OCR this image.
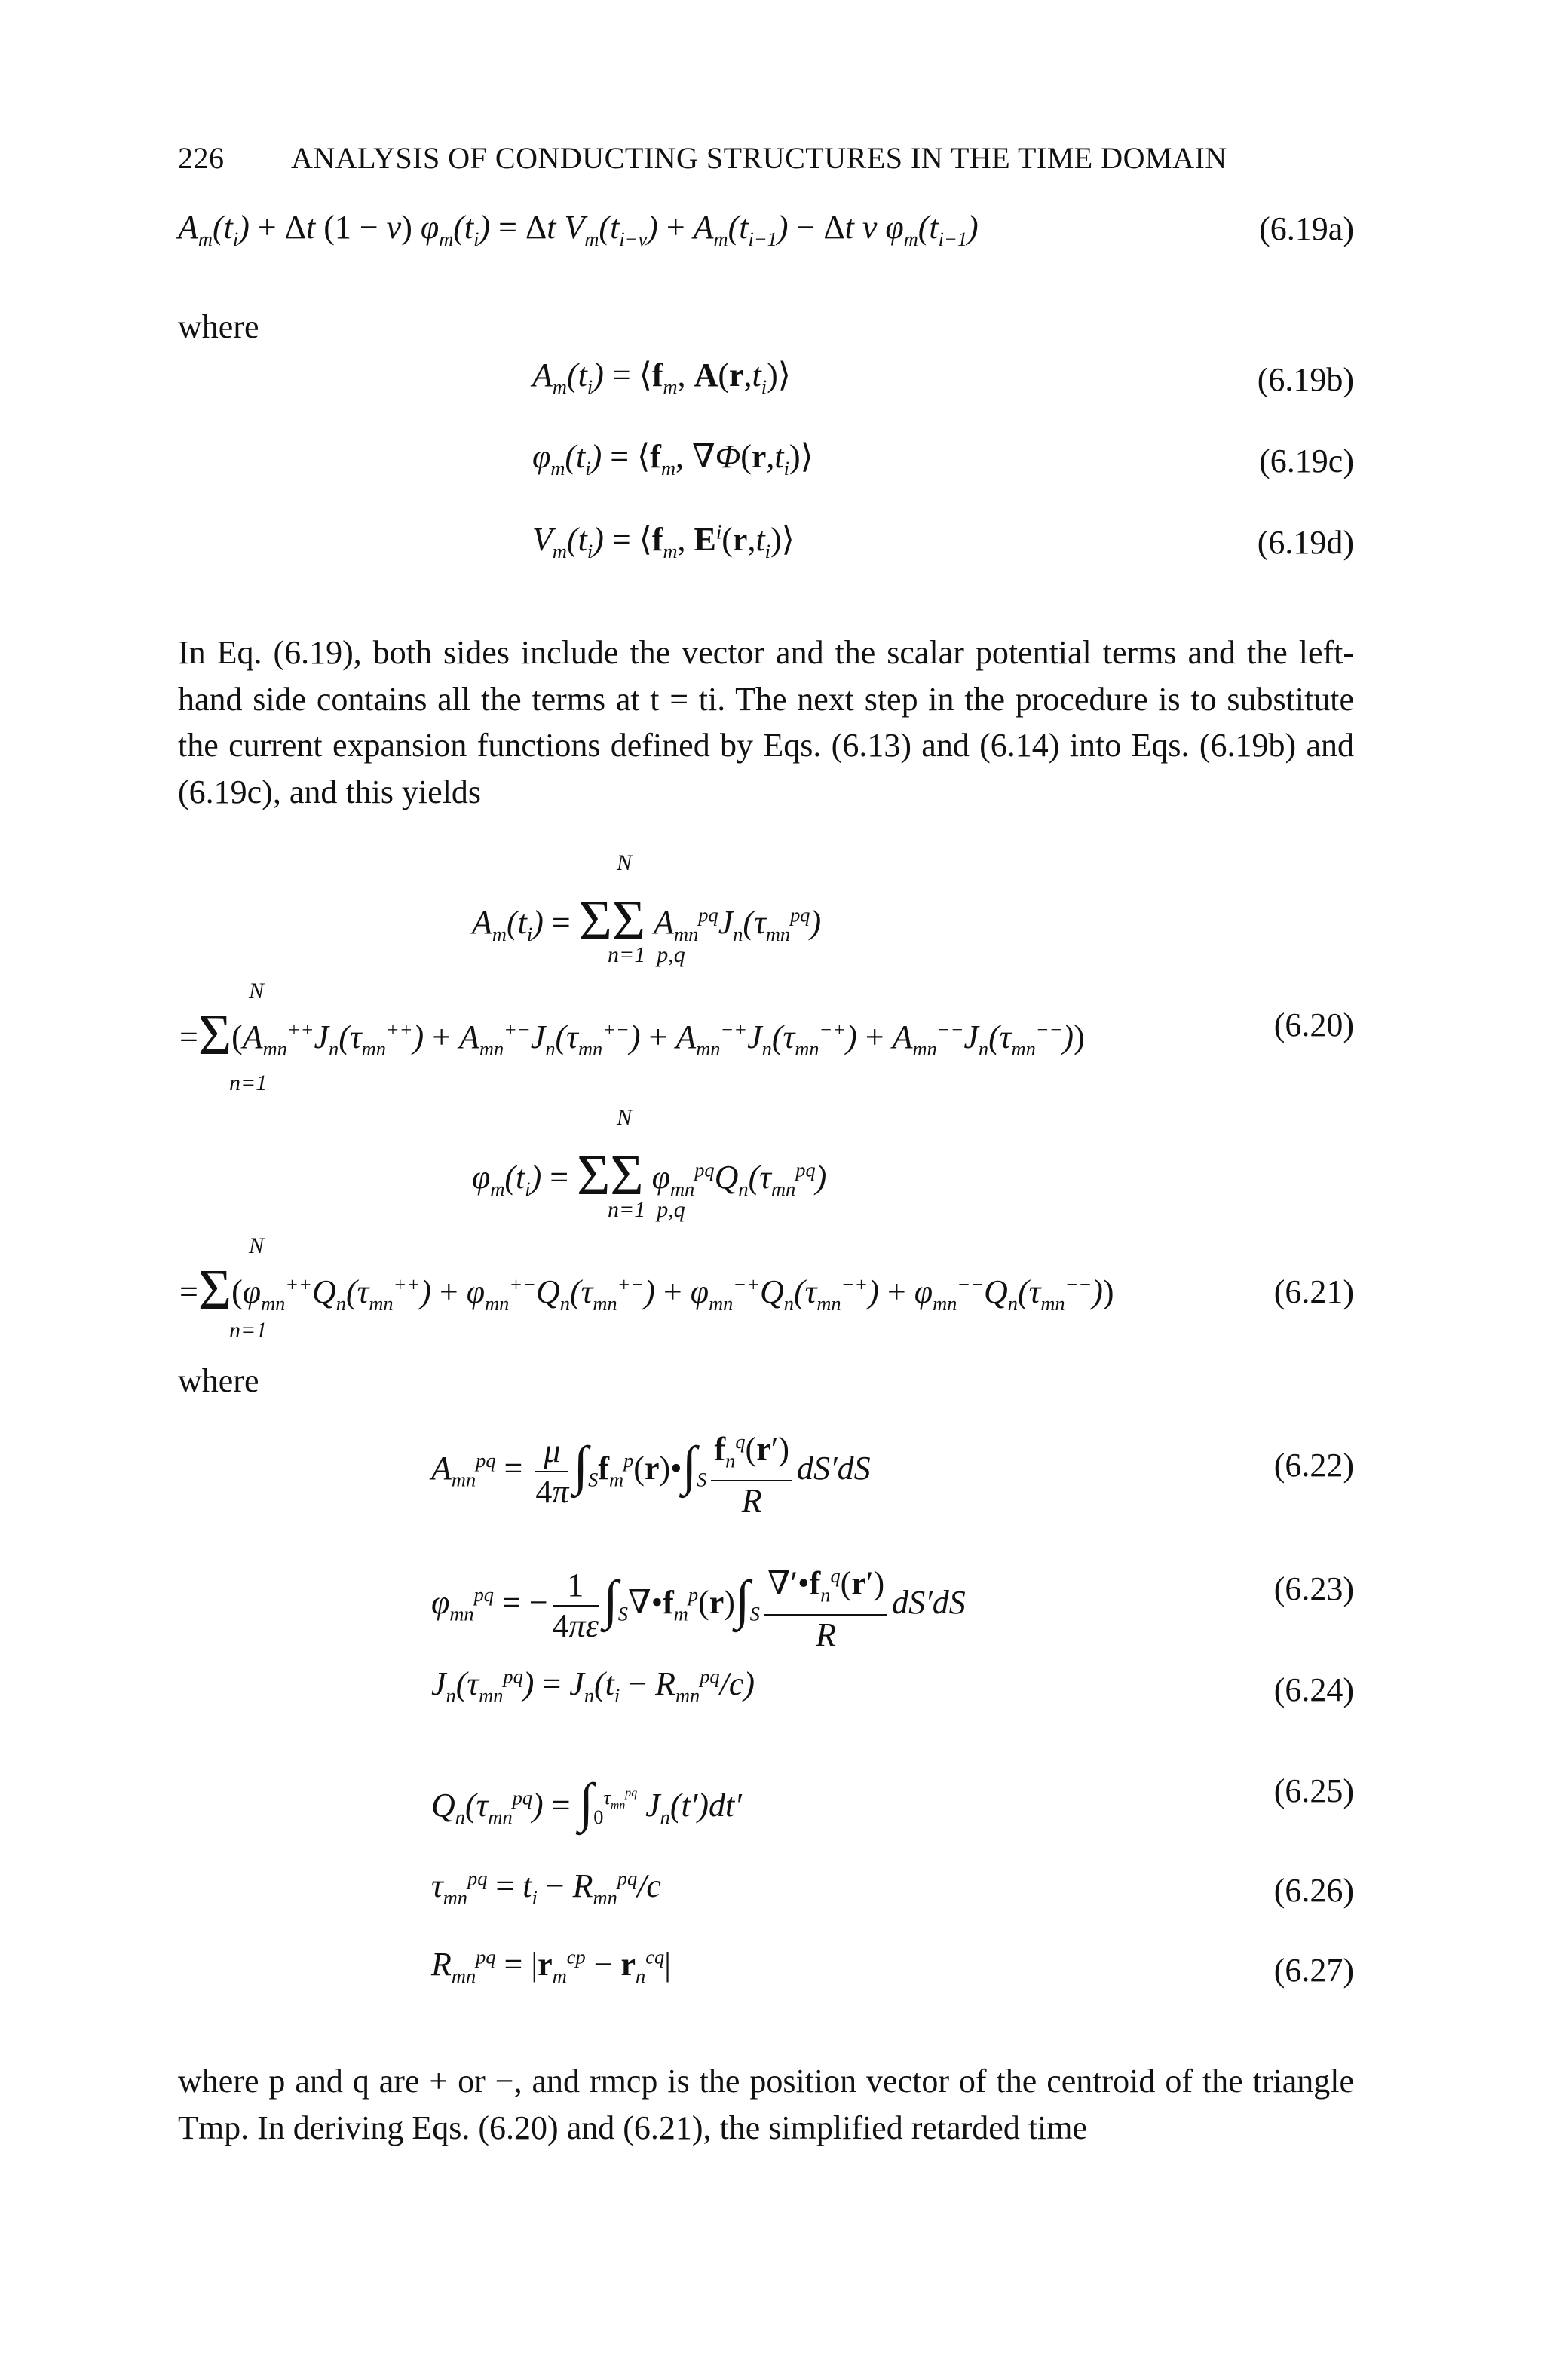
226 ANALYSIS OF CONDUCTING STRUCTURES IN THE TIME DOMAIN
$A_m(t_i) + \Delta t$ (1 − ν) $\varphi_m(t_i) = \Delta t$ $V_m(t_{i-\nu}) + A_m(t_{i-1}) - \Delta t$ ν $\varphi_m(t_{i-1})$	(6.19a)
where
$A_m(t_i)$ = $⟨f_m$, $A(r,t_i)⟩$	(6.19b)
$\varphi_m(t_i)$ = $⟨f_m$, $\nabla\Phi(r,t_i)⟩$	(6.19c)
$V_m(t_i)$ = $⟨f_m$, $E^i(r,t_i)⟩$	(6.19d)
In Eq. (6.19), both sides include the vector and the scalar potential terms and the left-hand side contains all the terms at t = ti. The next step in the procedure is to substitute the current expansion functions defined by Eqs. (6.13) and (6.14) into Eqs. (6.19b) and (6.19c), and this yields
$A_m(t_i) = \Sigma\Sigma$ $A_{mn}^{pq}J_n(\tau_{mn}^{pq})$
N
n=1  p,q
$=\Sigma(A_{mn}^{++}J_n(\tau_{mn}^{++}) + A_{mn}^{+-}J_n(\tau_{mn}^{+-}) + A_{mn}^{-+}J_n(\tau_{mn}^{-+}) + A_{mn}^{--}J_n(\tau_{mn}^{--}))$
N
n=1
(6.20)
$\varphi_m(t_i) = \Sigma\Sigma$ $\varphi_{mn}^{pq}Q_n(\tau_{mn}^{pq})$
N
n=1  p,q
$=\Sigma(\varphi_{mn}^{++}Q_n(\tau_{mn}^{++}) + \varphi_{mn}^{+-}Q_n(\tau_{mn}^{+-}) + \varphi_{mn}^{-+}Q_n(\tau_{mn}^{-+}) + \varphi_{mn}^{--}Q_n(\tau_{mn}^{--}))$
N
n=1
(6.21)
where
$A_{mn}^{pq} = \frac{\mu}{4\pi}$ $\int_Sf_m^p(r)•\int_S \frac{f_n^q(r')}{R} dS'dS$	(6.22)
$\varphi_{mn}^{pq}$ = − $\frac{1}{4\pi\varepsilon}$ $\int_S\nabla•f_m^p(r)\int_S \frac{\nabla'•f_n^q(r')}{R} dS'dS$	(6.23)
$J_n(\tau_{mn}^{pq}) = J_n(t_i - R_{mn}^{pq}/c)$	(6.24)
$Q_n(\tau_{mn}^{pq}) = \int_0^{\tau_{mn}^{pq}}$ $J_n(t')dt'$	(6.25)
$\tau_{mn}^{pq} = t_i - R_{mn}^{pq}/c$	(6.26)
$R_{mn}^{pq} = |r_m^{cp} - r_n^{cq}|$	(6.27)
where p and q are + or −, and rmcp is the position vector of the centroid of the triangle Tmp. In deriving Eqs. (6.20) and (6.21), the simplified retarded time
